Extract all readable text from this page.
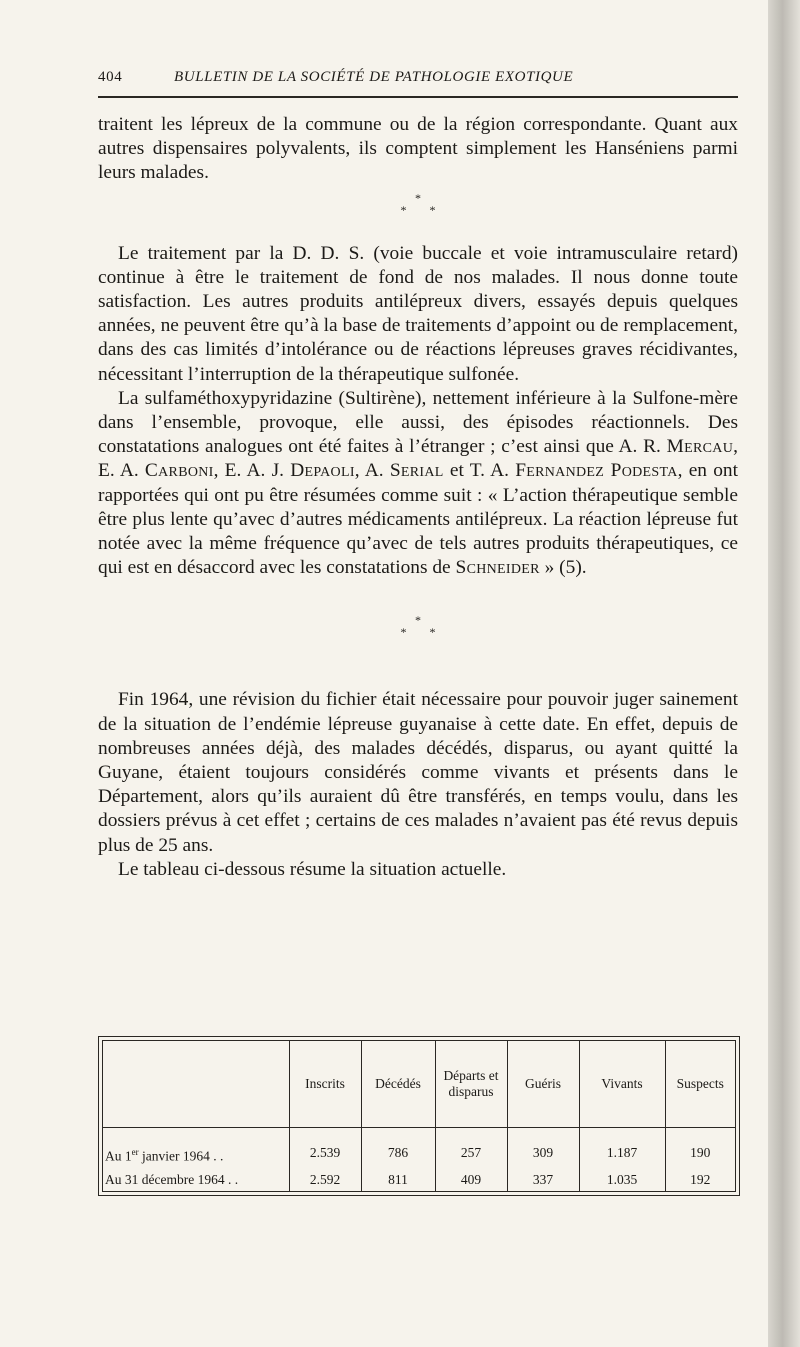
404	BULLETIN DE LA SOCIÉTÉ DE PATHOLOGIE EXOTIQUE

traitent les lépreux de la commune ou de la région correspondante. Quant aux autres dispensaires polyvalents, ils comptent simplement les Hanséniens parmi leurs malades.

*
* *

Le traitement par la D. D. S. (voie buccale et voie intramusculaire retard) continue à être le traitement de fond de nos malades. Il nous donne toute satisfaction. Les autres produits antilépreux divers, essayés depuis quelques années, ne peuvent être qu’à la base de traitements d’appoint ou de remplacement, dans des cas limités d’intolérance ou de réactions lépreuses graves récidivantes, nécessitant l’interruption de la thérapeutique sulfonée.

La sulfaméthoxypyridazine (Sultirène), nettement inférieure à la Sulfone-mère dans l’ensemble, provoque, elle aussi, des épisodes réactionnels. Des constatations analogues ont été faites à l’étranger ; c’est ainsi que A. R. Mercau, E. A. Carboni, E. A. J. Depaoli, A. Serial et T. A. Fernandez Podesta, en ont rapportées qui ont pu être résumées comme suit : « L’action thérapeutique semble être plus lente qu’avec d’autres médicaments antilépreux. La réaction lépreuse fut notée avec la même fréquence qu’avec de tels autres produits thérapeutiques, ce qui est en désaccord avec les constatations de Schneider » (5).

*
* *

Fin 1964, une révision du fichier était nécessaire pour pouvoir juger sainement de la situation de l’endémie lépreuse guyanaise à cette date. En effet, depuis de nombreuses années déjà, des malades décédés, disparus, ou ayant quitté la Guyane, étaient toujours considérés comme vivants et présents dans le Département, alors qu’ils auraient dû être transférés, en temps voulu, dans les dossiers prévus à cet effet ; certains de ces malades n’avaient pas été revus depuis plus de 25 ans.

Le tableau ci-dessous résume la situation actuelle.

	Inscrits	Décédés	Départs et disparus	Guéris	Vivants	Suspects
Au 1er janvier 1964 . .	2.539	786	257	309	1.187	190
Au 31 décembre 1964 . .	2.592	811	409	337	1.035	192
